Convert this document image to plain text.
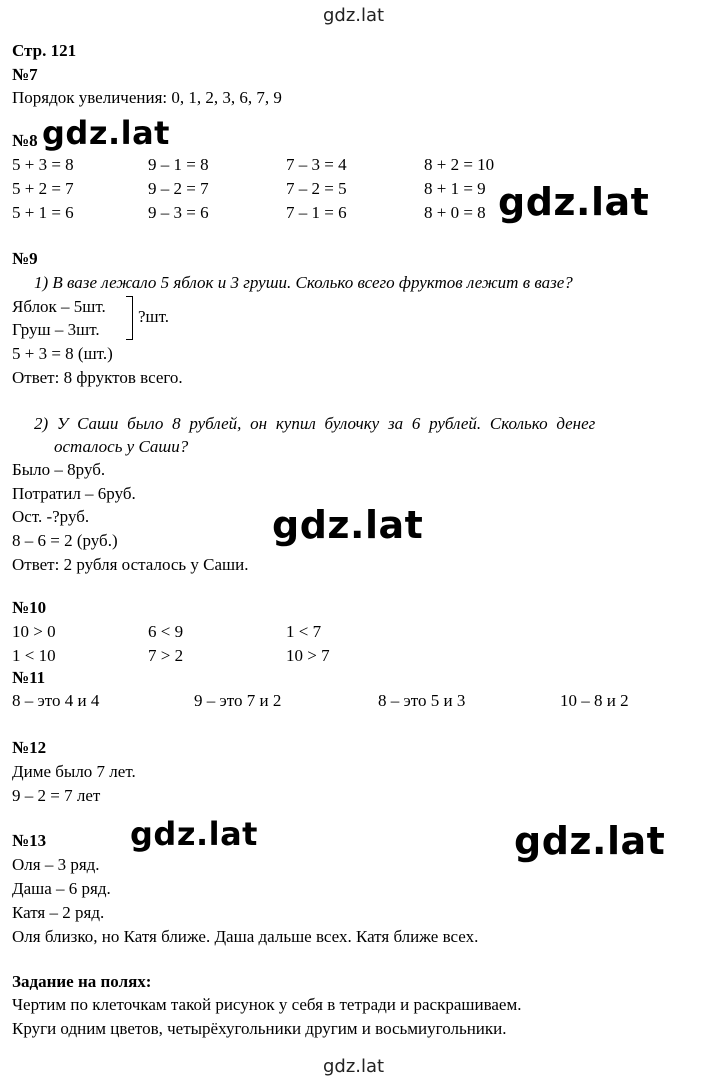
gdz.lat
gdz.lat
Стр. 121
№7
Порядок увеличения: 0, 1, 2, 3, 6, 7, 9
№8 gdz.lat
5 + 3 = 8	9 – 1 = 8	7 – 3 = 4	8 + 2 = 10
5 + 2 = 7	9 – 2 = 7	7 – 2 = 5	8 + 1 = 9
5 + 1 = 6	9 – 3 = 6	7 – 1 = 6	8 + 0 = 8 gdz.lat
№9
1) В вазе лежало 5 яблок и 3 груши. Сколько всего фруктов лежит в вазе?
Яблок – 5шт.
Груш – 3шт.
?шт.
5 + 3 = 8 (шт.)
Ответ: 8 фруктов всего.
2) У Саши было 8 рублей, он купил булочку за 6 рублей. Сколько денег
осталось у Саши?
Было – 8руб.
Потратил – 6руб.
Ост. -?руб.
8 – 6 = 2 (руб.)
Ответ: 2 рубля осталось у Саши.
gdz.lat
№10
10 > 0	6 < 9	1 < 7
1 < 10	7 > 2	10 > 7
№11
8 – это 4 и 4	9 – это 7 и 2	8 – это 5 и 3	10 – 8 и 2
№12
Диме было 7 лет.
9 – 2 = 7 лет
№13	gdz.lat	gdz.lat
Оля – 3 ряд.
Даша – 6 ряд.
Катя – 2 ряд.
Оля близко, но Катя ближе. Даша дальше всех. Катя ближе всех.
Задание на полях:
Чертим по клеточкам такой рисунок у себя в тетради и раскрашиваем.
Круги одним цветов, четырёхугольники другим и восьмиугольники.
